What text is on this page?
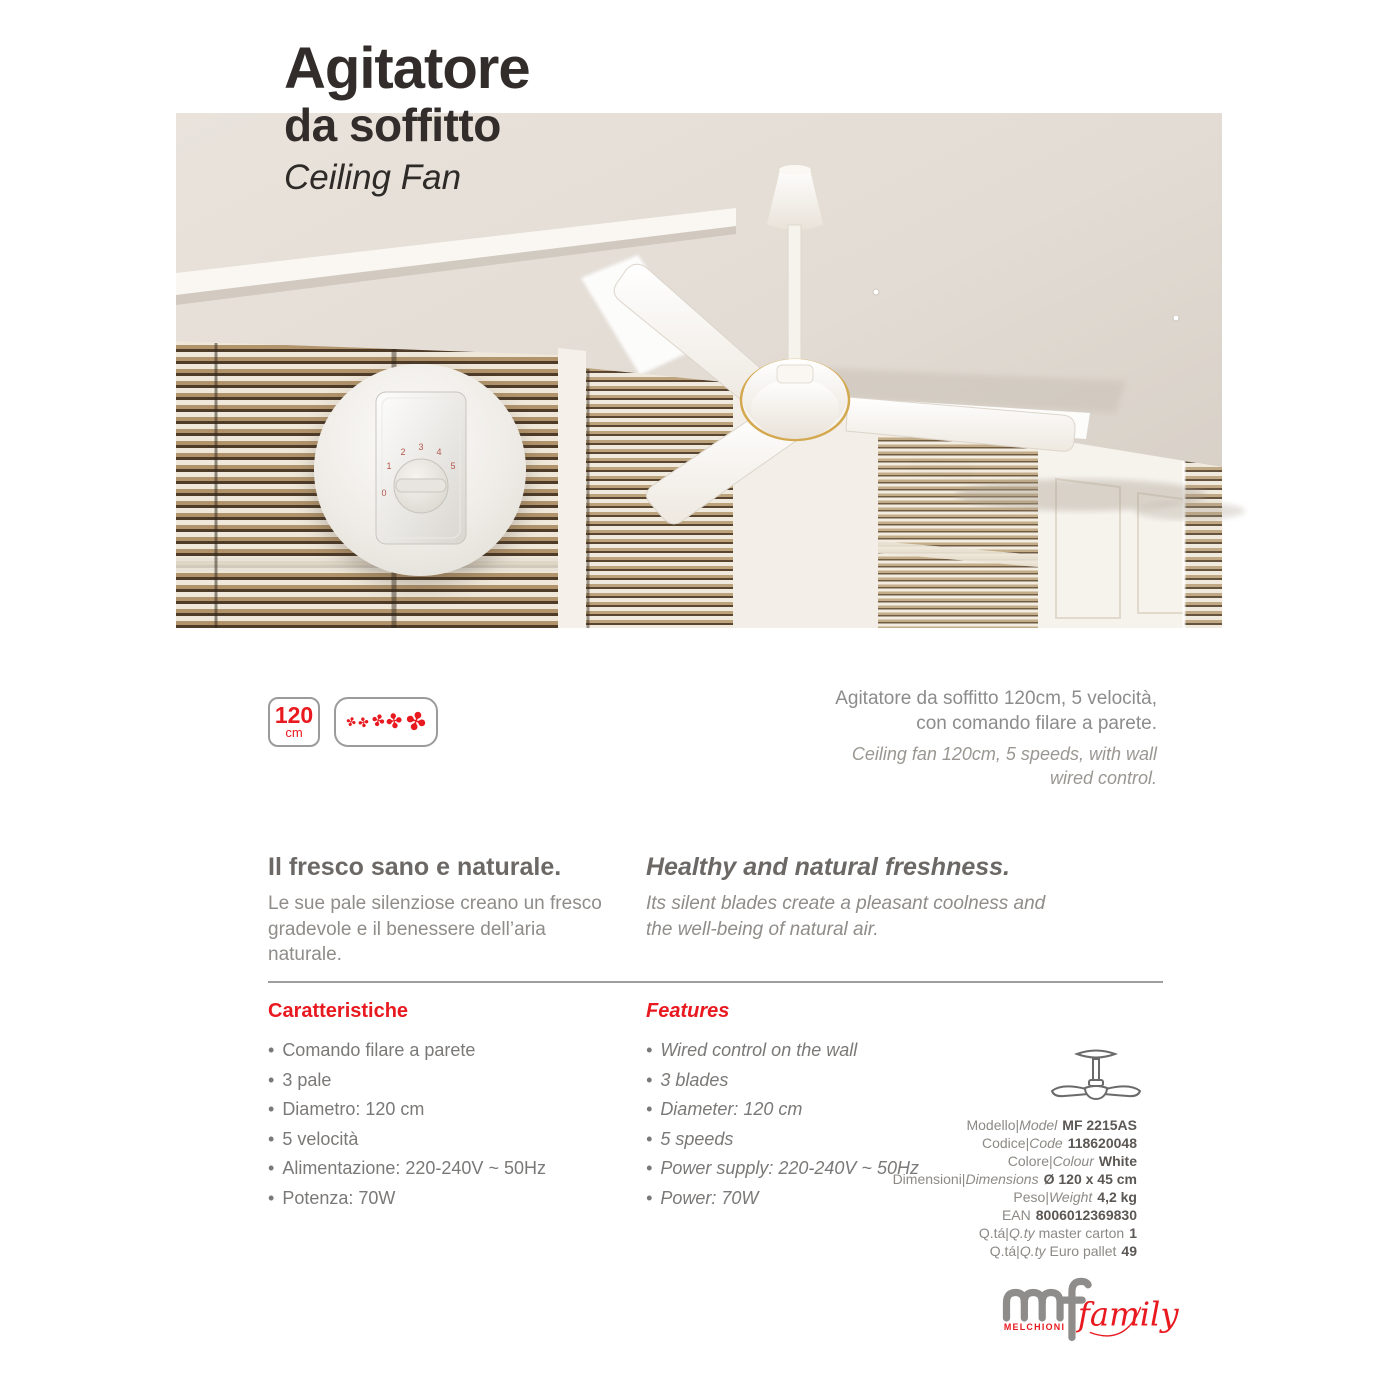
Agitatore
da soffitto
Ceiling Fan
0
1
2 3 4
5
120
cm
✤
✤
✤
✤
✤
Agitatore da soffitto 120cm, 5 velocità,
con comando filare a parete.
Ceiling fan 120cm, 5 speeds, with wall
wired control.
Il fresco sano e naturale.
Le sue pale silenziose creano un fresco gradevole e il benessere dell’aria naturale.
Healthy and natural freshness.
Its silent blades create a pleasant coolness and the well-being of natural air.
Caratteristiche
• Comando filare a parete
• 3 pale
• Diametro: 120 cm
• 5 velocità
• Alimentazione: 220-240V ~ 50Hz
• Potenza: 70W
Features
• Wired control on the wall
• 3 blades
• Diameter: 120 cm
• 5 speeds
• Power supply: 220-240V ~ 50Hz
• Power: 70W
Modello|Model MF 2215AS
Codice|Code 118620048
Colore|Colour White
Dimensioni|Dimensions Ø 120 x 45 cm
Peso|Weight 4,2 kg
EAN 8006012369830
Q.tá|Q.ty master carton 1
Q.tá|Q.ty Euro pallet 49
MELCHIONI family
